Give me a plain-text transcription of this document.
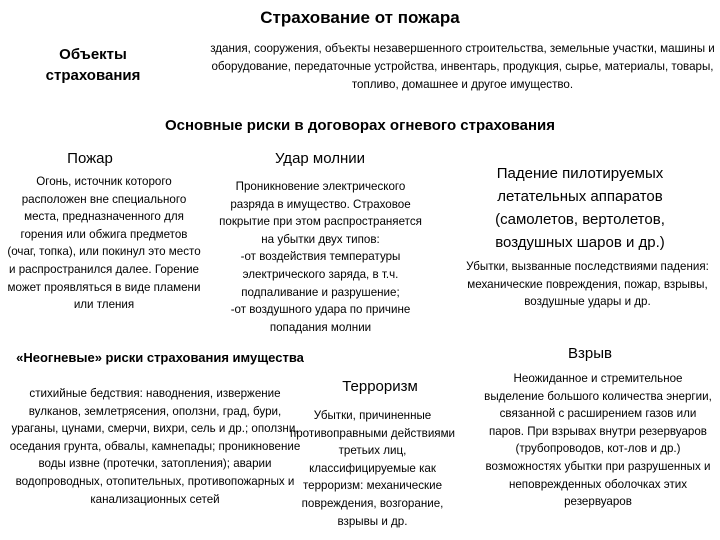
Страхование от пожара
Объекты
страхования
здания, сооружения, объекты незавершенного строительства, земельные участки, машины и оборудование, передаточные устройства, инвентарь, продукция, сырье, материалы, товары, топливо, домашнее и другое имущество.
Основные риски в договорах огневого страхования
Пожар
Огонь, источник которого расположен вне специального места, предназначенного для горения или обжига предметов (очаг, топка), или покинул это место и распространился далее. Горение может проявляться в виде пламени или тления
Удар молнии
Проникновение электрического разряда в имущество. Страховое покрытие при этом распространяется на убытки двух типов:
-от воздействия температуры электрического заряда, в т.ч. подпаливание и разрушение;
-от воздушного удара по причине попадания молнии
Падение пилотируемых летательных аппаратов (самолетов, вертолетов, воздушных шаров и др.)
Убытки, вызванные последствиями падения: механические повреждения, пожар, взрывы, воздушные удары и др.
«Неогневые» риски страхования имущества
стихийные бедствия: наводнения, извержение вулканов, землетрясения, оползни, град, бури, ураганы, цунами, смерчи, вихри, сель и др.; оползни, оседания грунта, обвалы, камнепады; проникновение воды извне (протечки, затопления); аварии водопроводных, отопительных, противопожарных и канализационных сетей
Терроризм
Убытки, причиненные противоправными действиями третьих лиц, классифицируемые как терроризм: механические повреждения, возгорание, взрывы и др.
Взрыв
Неожиданное и стремительное выделение большого количества энергии, связанной с расширением газов или паров. При взрывах внутри резервуаров (трубопроводов, кот-лов и др.) возможностях убытки при разрушенных и неповрежденных оболочках этих резервуаров
